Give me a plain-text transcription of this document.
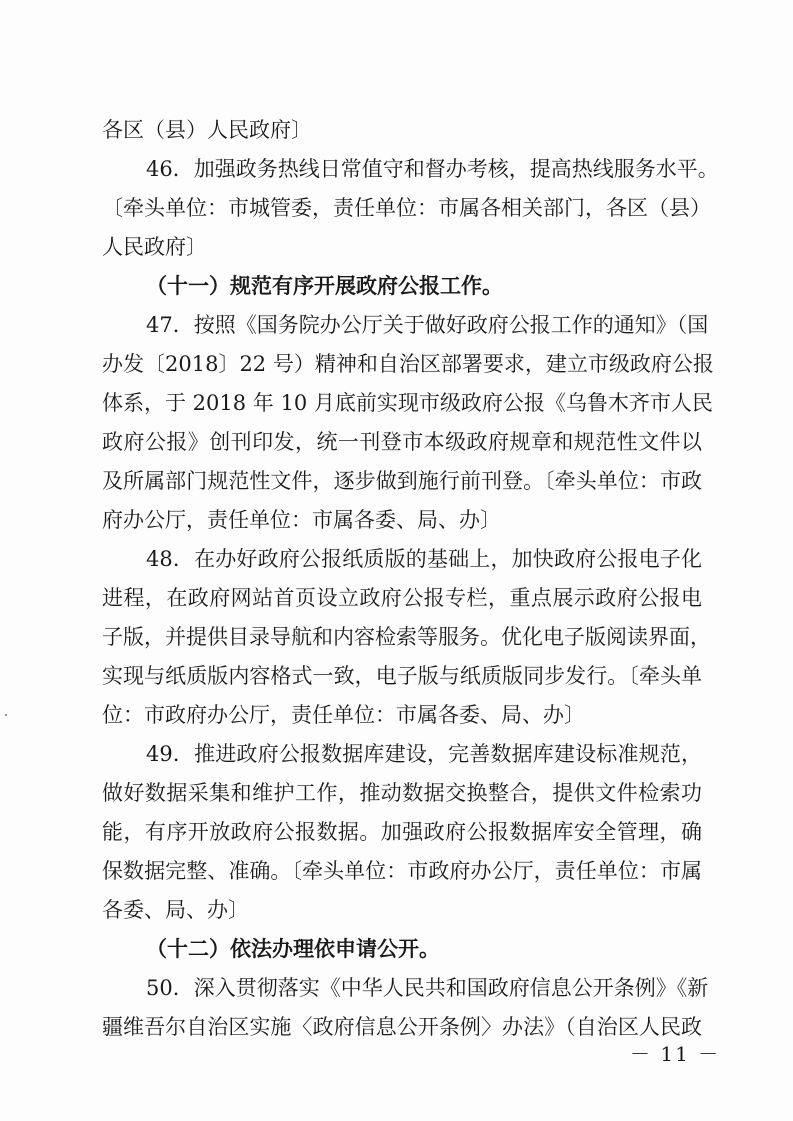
各区（县）人民政府〕
46．加强政务热线日常值守和督办考核，提高热线服务水平。
〔牵头单位：市城管委，责任单位：市属各相关部门，各区（县）
人民政府〕
（十一）规范有序开展政府公报工作。
47．按照《国务院办公厅关于做好政府公报工作的通知》（国
办发〔2018〕22 号）精神和自治区部署要求，建立市级政府公报
体系，于 2018 年 10 月底前实现市级政府公报《乌鲁木齐市人民
政府公报》创刊印发，统一刊登市本级政府规章和规范性文件以
及所属部门规范性文件，逐步做到施行前刊登。〔牵头单位：市政
府办公厅，责任单位：市属各委、局、办〕
48．在办好政府公报纸质版的基础上，加快政府公报电子化
进程，在政府网站首页设立政府公报专栏，重点展示政府公报电
子版，并提供目录导航和内容检索等服务。优化电子版阅读界面，
实现与纸质版内容格式一致，电子版与纸质版同步发行。〔牵头单
位：市政府办公厅，责任单位：市属各委、局、办〕
49．推进政府公报数据库建设，完善数据库建设标准规范，
做好数据采集和维护工作，推动数据交换整合，提供文件检索功
能，有序开放政府公报数据。加强政府公报数据库安全管理，确
保数据完整、准确。〔牵头单位：市政府办公厅，责任单位：市属
各委、局、办〕
（十二）依法办理依申请公开。
50．深入贯彻落实《中华人民共和国政府信息公开条例》《新
疆维吾尔自治区实施〈政府信息公开条例〉办法》（自治区人民政
－ 11 －
